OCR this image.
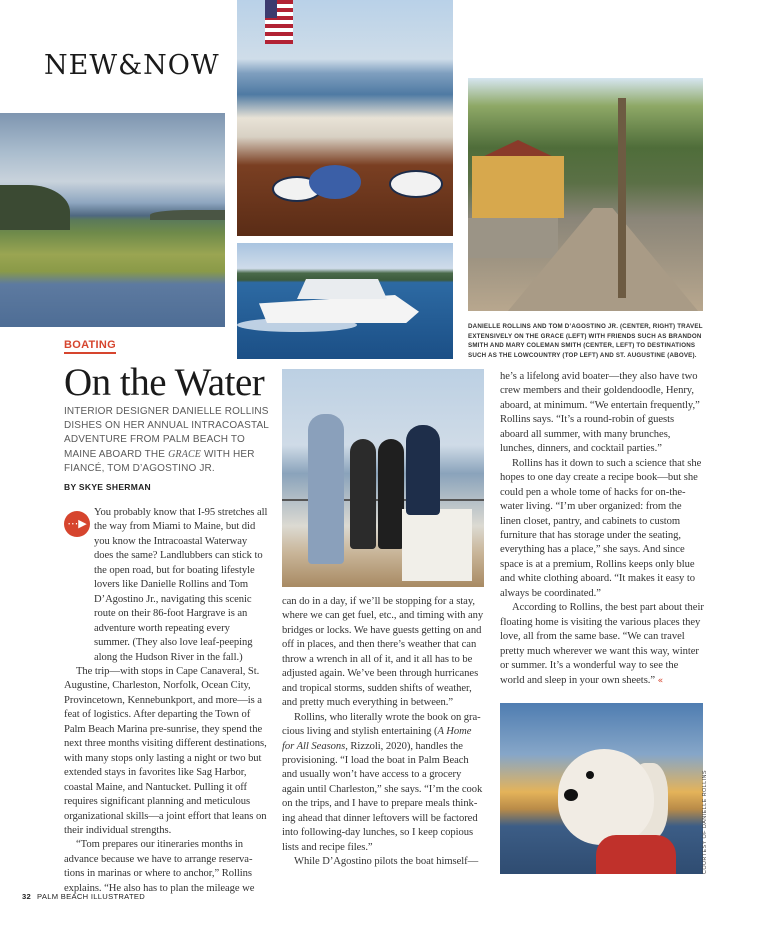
NEW&NOW
DANIELLE ROLLINS AND TOM D’AGOSTINO JR. (CENTER, RIGHT) TRAVEL EXTENSIVELY ON THE GRACE (LEFT) WITH FRIENDS SUCH AS BRANDON SMITH AND MARY COLEMAN SMITH (CENTER, LEFT) TO DESTINATIONS SUCH AS THE LOWCOUNTRY (TOP LEFT) AND ST. AUGUSTINE (ABOVE).
COURTESY OF DANIELLE ROLLINS
BOATING
On the Water
INTERIOR DESIGNER DANIELLE ROLLINS DISHES ON HER ANNUAL INTRACOASTAL ADVENTURE FROM PALM BEACH TO MAINE ABOARD THE GRACE WITH HER FIANCÉ, TOM D’AGOSTINO JR.
BY SKYE SHERMAN
⋯▶

You probably know that I-95 stretches all the way from Miami to Maine, but did you know the Intracoastal Waterway does the same? Landlubbers can stick to the open road, but for boating lifestyle lovers like Danielle Rollins and Tom D’Agostino Jr., navigating this scenic route on their 86-foot Hargrave is an adventure worth repeating every summer. (They also love leaf-peeping along the Hudson River in the fall.)

The trip—with stops in Cape Canaveral, St. Augustine, Charleston, Norfolk, Ocean City, Provincetown, Kennebunkport, and more—is a feat of logistics. After departing the Town of Palm Beach Marina pre-sunrise, they spend the next three months visiting different destinations, with many stops only lasting a night or two but extended stays in favorites like Sag Harbor, coastal Maine, and Nantucket. Pulling it off requires significant planning and meticulous organizational skills—a joint effort that leans on their individual strengths.

“Tom prepares our itineraries months in advance because we have to arrange reservations in marinas or where to anchor,” Rollins explains. “He also has to plan the mileage we

can do in a day, if we’ll be stopping for a stay, where we can get fuel, etc., and timing with any bridges or locks. We have guests getting on and off in places, and then there’s weather that can throw a wrench in all of it, and it all has to be adjusted again. We’ve been through hurricanes and tropical storms, sudden shifts of weather, and pretty much everything in between.”

Rollins, who literally wrote the book on gracious living and stylish entertaining (A Home for All Seasons, Rizzoli, 2020), handles the provisioning. “I load the boat in Palm Beach and usually won’t have access to a grocery again until Charleston,” she says. “I’m the cook on the trips, and I have to prepare meals thinking ahead that dinner leftovers will be factored into following-day lunches, so I keep copious lists and recipe files.”

While D’Agostino pilots the boat himself—

he’s a lifelong avid boater—they also have two crew members and their goldendoodle, Henry, aboard, at minimum. “We entertain frequently,” Rollins says. “It’s a round-robin of guests aboard all summer, with many brunches, lunches, dinners, and cocktail parties.”

Rollins has it down to such a science that she hopes to one day create a recipe book—but she could pen a whole tome of hacks for on-the-water living. “I’m uber organized: from the linen closet, pantry, and cabinets to custom furniture that has storage under the seating, everything has a place,” she says. And since space is at a premium, Rollins keeps only blue and white clothing aboard. “It makes it easy to always be coordinated.”

According to Rollins, the best part about their floating home is visiting the various places they love, all from the same base. “We can travel pretty much wherever we want this way, winter or summer. It’s a wonderful way to see the world and sleep in your own sheets.” «

32 PALM BEACH ILLUSTRATED
